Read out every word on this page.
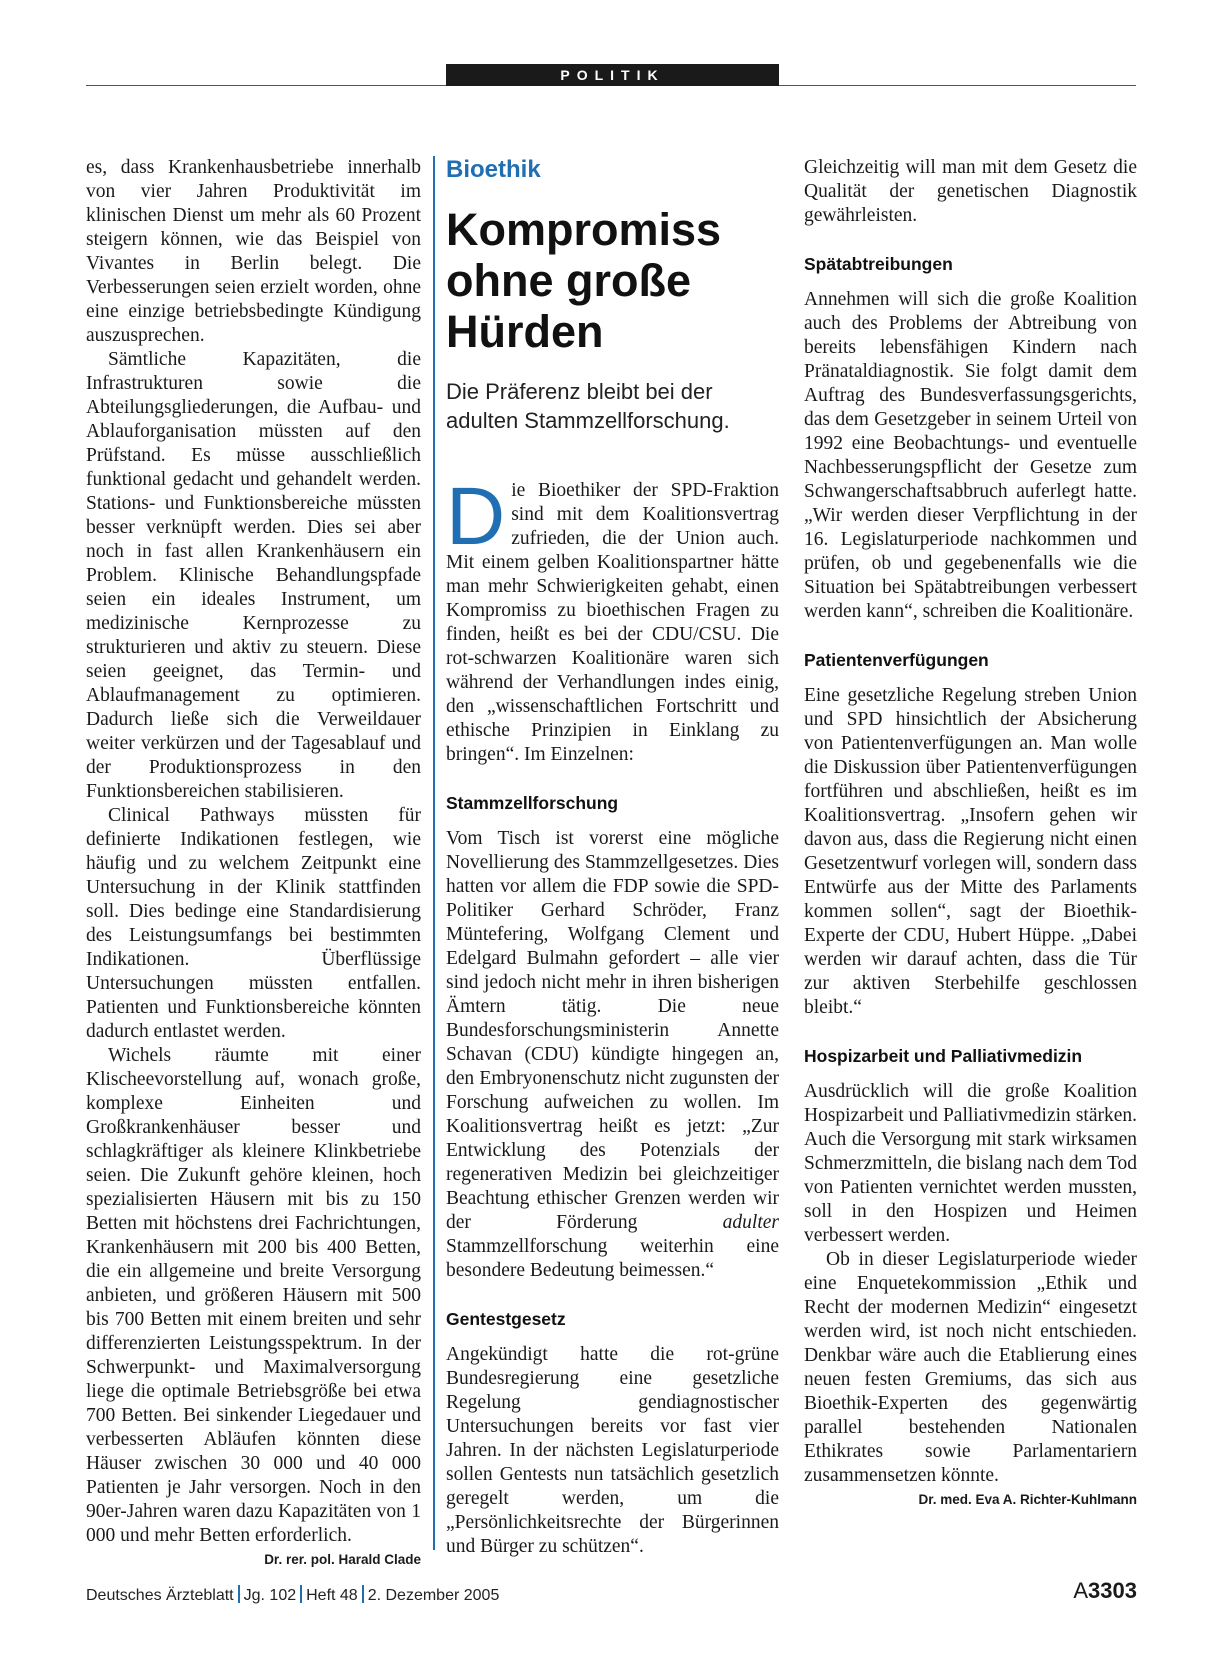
POLITIK

es, dass Krankenhausbetriebe innerhalb von vier Jahren Produktivität im klinischen Dienst um mehr als 60 Prozent steigern können, wie das Beispiel von Vivantes in Berlin belegt. Die Verbesserungen seien erzielt worden, ohne eine einzige betriebsbedingte Kündigung auszusprechen.

Sämtliche Kapazitäten, die Infrastrukturen sowie die Abteilungsgliederungen, die Aufbau- und Ablauforganisation müssten auf den Prüfstand. Es müsse ausschließlich funktional gedacht und gehandelt werden. Stations- und Funktionsbereiche müssten besser verknüpft werden. Dies sei aber noch in fast allen Krankenhäusern ein Problem. Klinische Behandlungspfade seien ein ideales Instrument, um medizinische Kernprozesse zu strukturieren und aktiv zu steuern. Diese seien geeignet, das Termin- und Ablaufmanagement zu optimieren. Dadurch ließe sich die Verweildauer weiter verkürzen und der Tagesablauf und der Produktionsprozess in den Funktionsbereichen stabilisieren.

Clinical Pathways müssten für definierte Indikationen festlegen, wie häufig und zu welchem Zeitpunkt eine Untersuchung in der Klinik stattfinden soll. Dies bedinge eine Standardisierung des Leistungsumfangs bei bestimmten Indikationen. Überflüssige Untersuchungen müssten entfallen. Patienten und Funktionsbereiche könnten dadurch entlastet werden.

Wichels räumte mit einer Klischeevorstellung auf, wonach große, komplexe Einheiten und Großkrankenhäuser besser und schlagkräftiger als kleinere Klinkbetriebe seien. Die Zukunft gehöre kleinen, hoch spezialisierten Häusern mit bis zu 150 Betten mit höchstens drei Fachrichtungen, Krankenhäusern mit 200 bis 400 Betten, die ein allgemeine und breite Versorgung anbieten, und größeren Häusern mit 500 bis 700 Betten mit einem breiten und sehr differenzierten Leistungsspektrum. In der Schwerpunkt- und Maximalversorgung liege die optimale Betriebsgröße bei etwa 700 Betten. Bei sinkender Liegedauer und verbesserten Abläufen könnten diese Häuser zwischen 30 000 und 40 000 Patienten je Jahr versorgen. Noch in den 90er-Jahren waren dazu Kapazitäten von 1 000 und mehr Betten erforderlich.
Dr. rer. pol. Harald Clade

Bioethik
Kompromiss ohne große Hürden
Die Präferenz bleibt bei der adulten Stammzellforschung.

Die Bioethiker der SPD-Fraktion sind mit dem Koalitionsvertrag zufrieden, die der Union auch. Mit einem gelben Koalitionspartner hätte man mehr Schwierigkeiten gehabt, einen Kompromiss zu bioethischen Fragen zu finden, heißt es bei der CDU/CSU. Die rot-schwarzen Koalitionäre waren sich während der Verhandlungen indes einig, den „wissenschaftlichen Fortschritt und ethische Prinzipien in Einklang zu bringen“. Im Einzelnen:

Stammzellforschung

Vom Tisch ist vorerst eine mögliche Novellierung des Stammzellgesetzes. Dies hatten vor allem die FDP sowie die SPD-Politiker Gerhard Schröder, Franz Müntefering, Wolfgang Clement und Edelgard Bulmahn gefordert – alle vier sind jedoch nicht mehr in ihren bisherigen Ämtern tätig. Die neue Bundesforschungsministerin Annette Schavan (CDU) kündigte hingegen an, den Embryonenschutz nicht zugunsten der Forschung aufweichen zu wollen. Im Koalitionsvertrag heißt es jetzt: „Zur Entwicklung des Potenzials der regenerativen Medizin bei gleichzeitiger Beachtung ethischer Grenzen werden wir der Förderung adulter Stammzellforschung weiterhin eine besondere Bedeutung beimessen.“

Gentestgesetz

Angekündigt hatte die rot-grüne Bundesregierung eine gesetzliche Regelung gendiagnostischer Untersuchungen bereits vor fast vier Jahren. In der nächsten Legislaturperiode sollen Gentests nun tatsächlich gesetzlich geregelt werden, um die „Persönlichkeitsrechte der Bürgerinnen und Bürger zu schützen“.

Gleichzeitig will man mit dem Gesetz die Qualität der genetischen Diagnostik gewährleisten.

Spätabtreibungen

Annehmen will sich die große Koalition auch des Problems der Abtreibung von bereits lebensfähigen Kindern nach Pränataldiagnostik. Sie folgt damit dem Auftrag des Bundesverfassungsgerichts, das dem Gesetzgeber in seinem Urteil von 1992 eine Beobachtungs- und eventuelle Nachbesserungspflicht der Gesetze zum Schwangerschaftsabbruch auferlegt hatte. „Wir werden dieser Verpflichtung in der 16. Legislaturperiode nachkommen und prüfen, ob und gegebenenfalls wie die Situation bei Spätabtreibungen verbessert werden kann“, schreiben die Koalitionäre.

Patientenverfügungen

Eine gesetzliche Regelung streben Union und SPD hinsichtlich der Absicherung von Patientenverfügungen an. Man wolle die Diskussion über Patientenverfügungen fortführen und abschließen, heißt es im Koalitionsvertrag. „Insofern gehen wir davon aus, dass die Regierung nicht einen Gesetzentwurf vorlegen will, sondern dass Entwürfe aus der Mitte des Parlaments kommen sollen“, sagt der Bioethik-Experte der CDU, Hubert Hüppe. „Dabei werden wir darauf achten, dass die Tür zur aktiven Sterbehilfe geschlossen bleibt.“

Hospizarbeit und Palliativmedizin

Ausdrücklich will die große Koalition Hospizarbeit und Palliativmedizin stärken. Auch die Versorgung mit stark wirksamen Schmerzmitteln, die bislang nach dem Tod von Patienten vernichtet werden mussten, soll in den Hospizen und Heimen verbessert werden.

Ob in dieser Legislaturperiode wieder eine Enquetekommission „Ethik und Recht der modernen Medizin“ eingesetzt werden wird, ist noch nicht entschieden. Denkbar wäre auch die Etablierung eines neuen festen Gremiums, das sich aus Bioethik-Experten des gegenwärtig parallel bestehenden Nationalen Ethikrates sowie Parlamentariern zusammensetzen könnte.
Dr. med. Eva A. Richter-Kuhlmann

Deutsches Ärzteblatt Jg. 102 Heft 48 2. Dezember 2005	A3303
